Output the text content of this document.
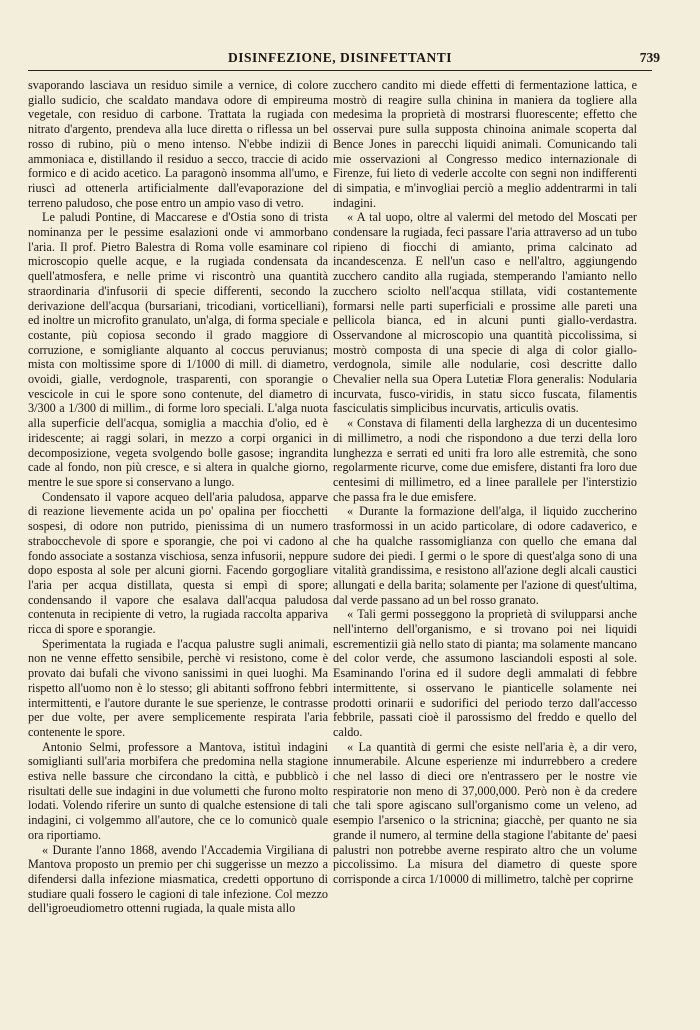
DISINFEZIONE, DISINFETTANTI	739

svaporando lasciava un residuo simile a vernice, di colore giallo sudicio, che scaldato mandava odore di empireuma vegetale, con residuo di carbone. Trattata la rugiada con nitrato d'argento, prendeva alla luce diretta o riflessa un bel rosso di rubino, più o meno intenso. N'ebbe indizii di ammoniaca e, distillando il residuo a secco, traccie di acido formico e di acido acetico. La paragonò insomma all'umo, e riuscì ad ottenerla artificialmente dall'evaporazione del terreno paludoso, che pose entro un ampio vaso di vetro.

Le paludi Pontine, di Maccarese e d'Ostia sono di trista nominanza per le pessime esalazioni onde vi ammorbano l'aria. Il prof. Pietro Balestra di Roma volle esaminare col microscopio quelle acque, e la rugiada condensata da quell'atmosfera, e nelle prime vi riscontrò una quantità straordinaria d'infusorii di specie differenti, secondo la derivazione dell'acqua (bursariani, tricodiani, vorticelliani), ed inoltre un microfito granulato, un'alga, di forma speciale e costante, più copiosa secondo il grado maggiore di corruzione, e somigliante alquanto al coccus peruvianus; mista con moltissime spore di 1/1000 di mill. di diametro, ovoidi, gialle, verdognole, trasparenti, con sporangie o vescicole in cui le spore sono contenute, del diametro di 3/300 a 1/300 di millim., di forme loro speciali. L'alga nuota alla superficie dell'acqua, somiglia a macchia d'olio, ed è iridescente; ai raggi solari, in mezzo a corpi organici in decomposizione, vegeta svolgendo bolle gasose; ingrandita cade al fondo, non più cresce, e si altera in qualche giorno, mentre le sue spore si conservano a lungo.

Condensato il vapore acqueo dell'aria paludosa, apparve di reazione lievemente acida un po' opalina per fiocchetti sospesi, di odore non putrido, pienissima di un numero strabocchevole di spore e sporangie, che poi vi cadono al fondo associate a sostanza vischiosa, senza infusorii, neppure dopo esposta al sole per alcuni giorni. Facendo gorgogliare l'aria per acqua distillata, questa si empì di spore; condensando il vapore che esalava dall'acqua paludosa contenuta in recipiente di vetro, la rugiada raccolta appariva ricca di spore e sporangie.

Sperimentata la rugiada e l'acqua palustre sugli animali, non ne venne effetto sensibile, perchè vi resistono, come è provato dai bufali che vivono sanissimi in quei luoghi. Ma rispetto all'uomo non è lo stesso; gli abitanti soffrono febbri intermittenti, e l'autore durante le sue sperienze, le contrasse per due volte, per avere semplicemente respirata l'aria contenente le spore.

Antonio Selmi, professore a Mantova, istituì indagini somiglianti sull'aria morbifera che predomina nella stagione estiva nelle bassure che circondano la città, e pubblicò i risultati delle sue indagini in due volumetti che furono molto lodati. Volendo riferire un sunto di qualche estensione di tali indagini, ci volgemmo all'autore, che ce lo comunicò quale ora riportiamo.

« Durante l'anno 1868, avendo l'Accademia Virgiliana di Mantova proposto un premio per chi suggerisse un mezzo a difendersi dalla infezione miasmatica, credetti opportuno di studiare quali fossero le cagioni di tale infezione. Col mezzo dell'igroeudiometro ottenni rugiada, la quale mista allo

zucchero candito mi diede effetti di fermentazione lattica, e mostrò di reagire sulla chinina in maniera da togliere alla medesima la proprietà di mostrarsi fluorescente; effetto che osservai pure sulla supposta chinoina animale scoperta dal Bence Jones in parecchi liquidi animali. Comunicando tali mie osservazioni al Congresso medico internazionale di Firenze, fui lieto di vederle accolte con segni non indifferenti di simpatia, e m'invogliai perciò a meglio addentrarmi in tali indagini.

« A tal uopo, oltre al valermi del metodo del Moscati per condensare la rugiada, feci passare l'aria attraverso ad un tubo ripieno di fiocchi di amianto, prima calcinato ad incandescenza. E nell'un caso e nell'altro, aggiungendo zucchero candito alla rugiada, stemperando l'amianto nello zucchero sciolto nell'acqua stillata, vidi costantemente formarsi nelle parti superficiali e prossime alle pareti una pellicola bianca, ed in alcuni punti giallo-verdastra. Osservandone al microscopio una quantità piccolissima, si mostrò composta di una specie di alga di color giallo-verdognola, simile alle nodularie, così descritte dallo Chevalier nella sua Opera Lutetiæ Flora generalis: Nodularia incurvata, fusco-viridis, in statu sicco fuscata, filamentis fasciculatis simplicibus incurvatis, articulis ovatis.

« Constava di filamenti della larghezza di un ducentesimo di millimetro, a nodi che rispondono a due terzi della loro lunghezza e serrati ed uniti fra loro alle estremità, che sono regolarmente ricurve, come due emisfere, distanti fra loro due centesimi di millimetro, ed a linee parallele per l'interstizio che passa fra le due emisfere.

« Durante la formazione dell'alga, il liquido zuccherino trasformossi in un acido particolare, di odore cadaverico, e che ha qualche rassomiglianza con quello che emana dal sudore dei piedi. I germi o le spore di quest'alga sono di una vitalità grandissima, e resistono all'azione degli alcali caustici allungati e della barita; solamente per l'azione di quest'ultima, dal verde passano ad un bel rosso granato.

« Tali germi posseggono la proprietà di svilupparsi anche nell'interno dell'organismo, e si trovano poi nei liquidi escrementizii già nello stato di pianta; ma solamente mancano del color verde, che assumono lasciandoli esposti al sole. Esaminando l'orina ed il sudore degli ammalati di febbre intermittente, si osservano le pianticelle solamente nei prodotti orinarii e sudorifici del periodo terzo dall'accesso febbrile, passati cioè il parossismo del freddo e quello del caldo.

« La quantità di germi che esiste nell'aria è, a dir vero, innumerabile. Alcune esperienze mi indurrebbero a credere che nel lasso di dieci ore n'entrassero per le nostre vie respiratorie non meno di 37,000,000. Però non è da credere che tali spore agiscano sull'organismo come un veleno, ad esempio l'arsenico o la stricnina; giacchè, per quanto ne sia grande il numero, al termine della stagione l'abitante de' paesi palustri non potrebbe averne respirato altro che un volume piccolissimo. La misura del diametro di queste spore corrisponde a circa 1/10000 di millimetro, talchè per coprirne
